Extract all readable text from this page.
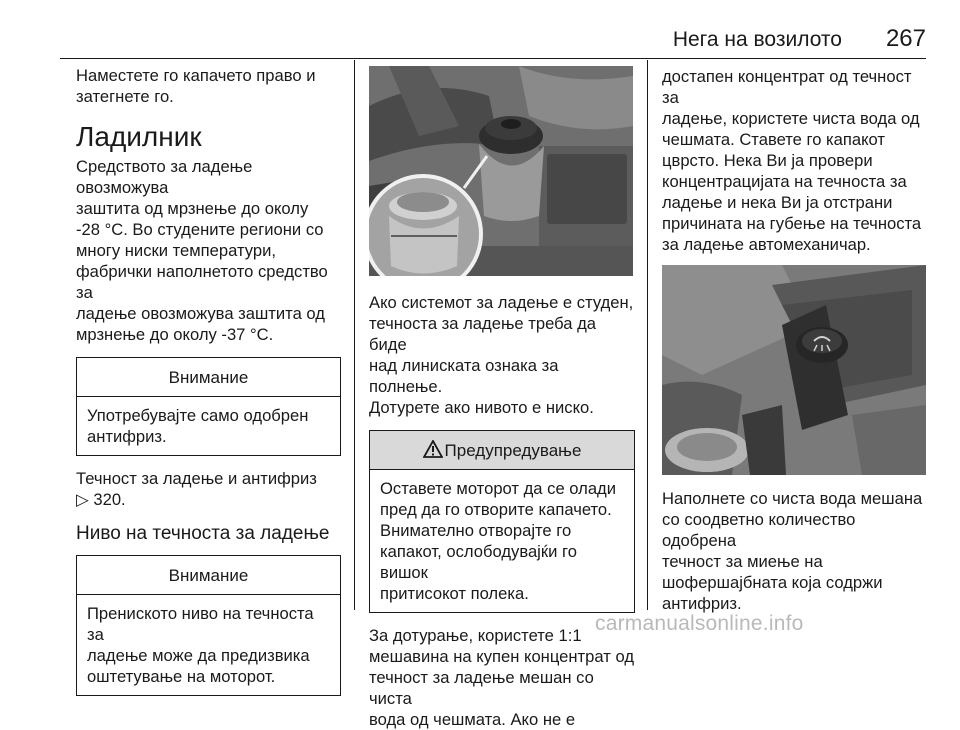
Нега на возилото 267

Наместете го капачето право и

затегнете го.

Ладилник

Средството за ладење овозможува

заштита од мрзнење до околу

-28 °C. Во студените региони со

многу ниски температури,

фабрички наполнетото средство за

ладење овозможува заштита од

мрзнење до околу -37 °C.

Внимание

Употребувајте само одобрен

антифриз.

Течност за ладење и антифриз

▷ 320.

Ниво на течноста за ладење

Внимание

Прениското ниво на течноста за

ладење може да предизвика

оштетување на моторот.

Ако системот за ладење е студен,

течноста за ладење треба да биде

над линиската ознака за полнење.

Дотурете ако нивото е ниско.

Предупредување

Оставете моторот да се олади

пред да го отворите капачето.

Внимателно отворајте го

капакот, ослободувајќи го вишок

притисокот полека.

За дотурање, користете 1:1

мешавина на купен концентрат од

течност за ладење мешан со чиста

вода од чешмата. Ако не е

достапен концентрат од течност за

ладење, користете чиста вода од

чешмата. Ставете го капакот

цврсто. Нека Ви ја провери

концентрацијата на течноста за

ладење и нека Ви ја отстрани

причината на губење на течноста

за ладење автомеханичар.

Наполнете со чиста вода мешана

со соодветно количество одобрена

течност за миење на

шофершајбната која содржи

антифриз.

carmanualsonline.info
